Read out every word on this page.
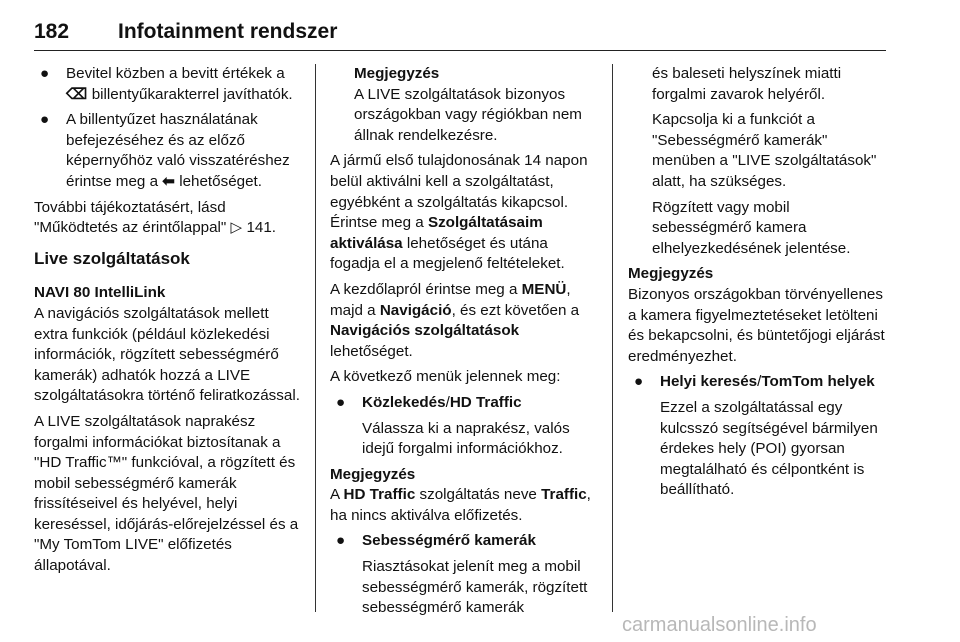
182 Infotainment rendszer
● Bevitel közben a bevitt értékek a ⌫ billentyűkarakterrel javíthatók.
● A billentyűzet használatának befejezéséhez és az előző képernyőhöz való visszatéréshez érintse meg a ⬅ lehetőséget.

További tájékoztatásért, lásd "Működtetés az érintőlappal" ▷ 141.

Live szolgáltatások
NAVI 80 IntelliLink

A navigációs szolgáltatások mellett extra funkciók (például közlekedési információk, rögzített sebességmérő kamerák) adhatók hozzá a LIVE szolgáltatásokra történő feliratkozással.

A LIVE szolgáltatások naprakész forgalmi információkat biztosítanak a "HD Traffic™" funkcióval, a rögzített és mobil sebességmérő kamerák frissítéseivel és helyével, helyi kereséssel, időjárás-előrejelzéssel és a "My TomTom LIVE" előfizetés állapotával.

Megjegyzés

A LIVE szolgáltatások bizonyos országokban vagy régiókban nem állnak rendelkezésre.

A jármű első tulajdonosának 14 napon belül aktiválni kell a szolgáltatást, egyébként a szolgáltatás kikapcsol. Érintse meg a Szolgáltatásaim aktiválása lehetőséget és utána fogadja el a megjelenő feltételeket.

A kezdőlapról érintse meg a MENÜ, majd a Navigáció, és ezt követően a Navigációs szolgáltatások lehetőséget.

A következő menük jelennek meg:

● Közlekedés/HD Traffic

Válassza ki a naprakész, valós idejű forgalmi információkhoz.

Megjegyzés

A HD Traffic szolgáltatás neve Traffic, ha nincs aktiválva előfizetés.

● Sebességmérő kamerák

Riasztásokat jelenít meg a mobil sebességmérő kamerák, rögzített sebességmérő kamerák

és baleseti helyszínek miatti forgalmi zavarok helyéről.

Kapcsolja ki a funkciót a "Sebességmérő kamerák" menüben a "LIVE szolgáltatások" alatt, ha szükséges.

Rögzített vagy mobil sebességmérő kamera elhelyezkedésének jelentése.

Megjegyzés

Bizonyos országokban törvényellenes a kamera figyelmeztetéseket letölteni és bekapcsolni, és büntetőjogi eljárást eredményezhet.

● Helyi keresés/TomTom helyek

Ezzel a szolgáltatással egy kulcsszó segítségével bármilyen érdekes hely (POI) gyorsan megtalálható és célpontként is beállítható.

carmanualsonline.info
